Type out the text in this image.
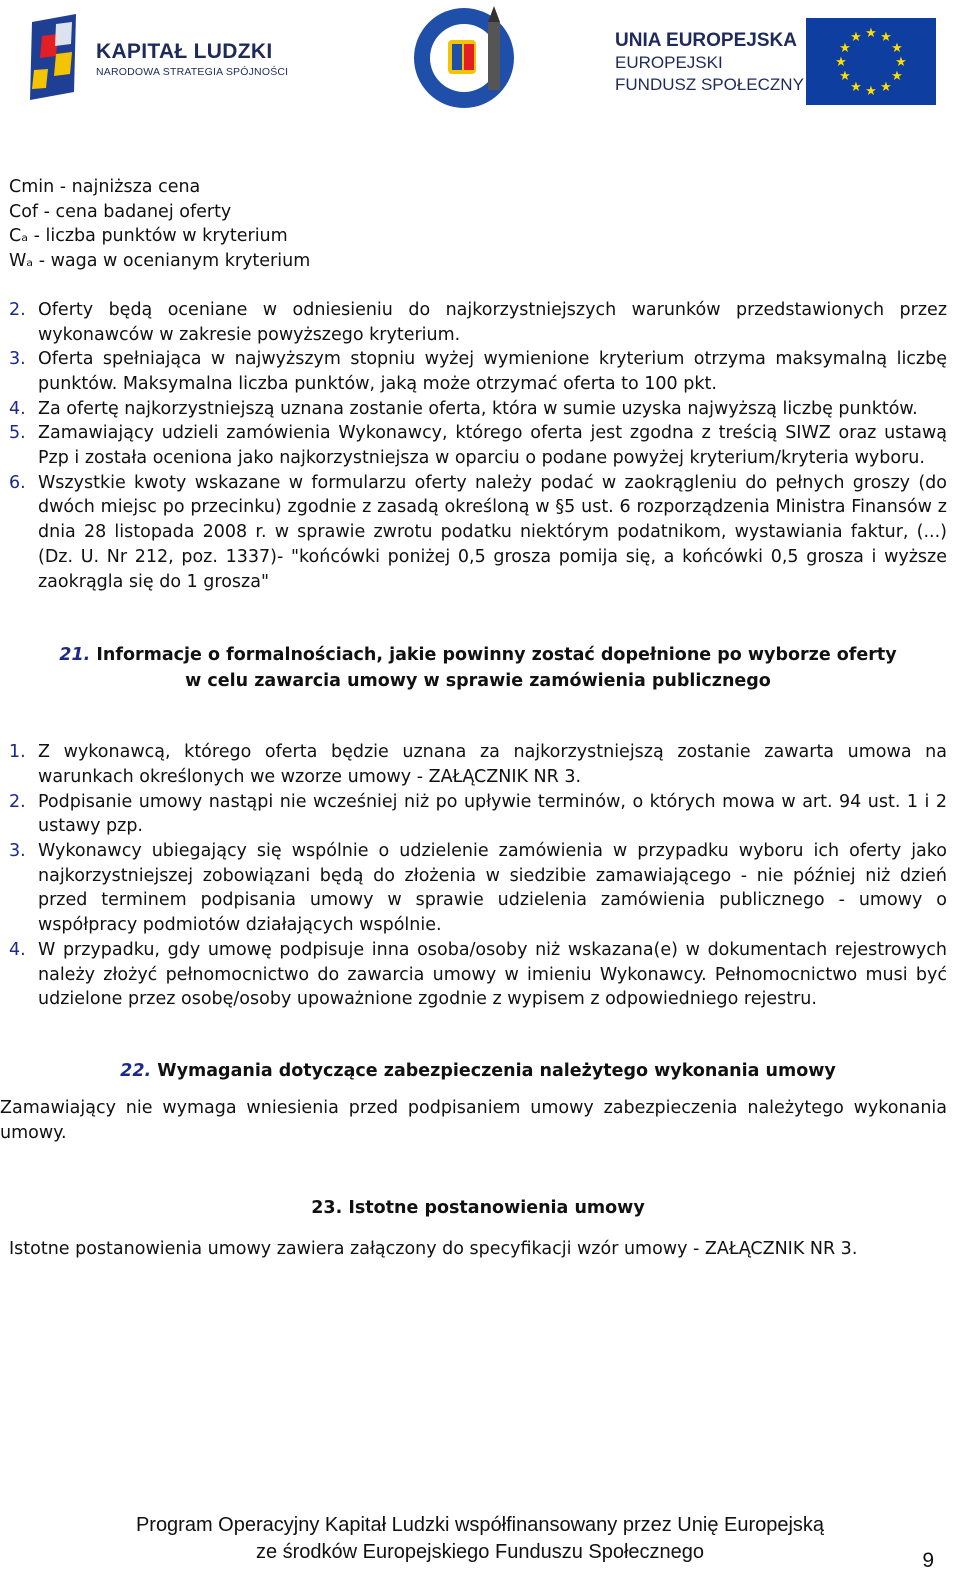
KAPITAŁ LUDZKI
NARODOWA STRATEGIA SPÓJNOŚCI
UNIA EUROPEJSKA
EUROPEJSKI
FUNDUSZ SPOŁECZNY
★ ★
★
★
★
★
★
★
★
★
★
★

Cmin - najniższa cena

Cof - cena badanej oferty

Cₐ - liczba punktów w kryterium

Wₐ - waga w ocenianym kryterium

2. Oferty będą oceniane w odniesieniu do najkorzystniejszych warunków przedstawionych przez wykonawców w zakresie powyższego kryterium.
3. Oferta spełniająca w najwyższym stopniu wyżej wymienione kryterium otrzyma maksymalną liczbę punktów. Maksymalna liczba punktów, jaką może otrzymać oferta to 100 pkt.
4. Za ofertę najkorzystniejszą uznana zostanie oferta, która w sumie uzyska najwyższą liczbę punktów.
5. Zamawiający udzieli zamówienia Wykonawcy, którego oferta jest zgodna z treścią SIWZ oraz ustawą Pzp i została oceniona jako najkorzystniejsza w oparciu o podane powyżej kryterium/kryteria wyboru.
6. Wszystkie kwoty wskazane w formularzu oferty należy podać w zaokrągleniu do pełnych groszy (do dwóch miejsc po przecinku) zgodnie z zasadą określoną w §5 ust. 6 rozporządzenia Ministra Finansów z dnia 28 listopada 2008 r. w sprawie zwrotu podatku niektórym podatnikom, wystawiania faktur, (...) (Dz. U. Nr 212, poz. 1337)- "końcówki poniżej 0,5 grosza pomija się, a końcówki 0,5 grosza i wyższe zaokrągla się do 1 grosza"
21. Informacje o formalnościach, jakie powinny zostać dopełnione po wyborze oferty w celu zawarcia umowy w sprawie zamówienia publicznego
1. Z wykonawcą, którego oferta będzie uznana za najkorzystniejszą zostanie zawarta umowa na warunkach określonych we wzorze umowy - ZAŁĄCZNIK NR 3.
2. Podpisanie umowy nastąpi nie wcześniej niż po upływie terminów, o których mowa w art. 94 ust. 1 i 2 ustawy pzp.
3. Wykonawcy ubiegający się wspólnie o udzielenie zamówienia w przypadku wyboru ich oferty jako najkorzystniejszej zobowiązani będą do złożenia w siedzibie zamawiającego - nie później niż dzień przed terminem podpisania umowy w sprawie udzielenia zamówienia publicznego - umowy o współpracy podmiotów działających wspólnie.
4. W przypadku, gdy umowę podpisuje inna osoba/osoby niż wskazana(e) w dokumentach rejestrowych należy złożyć pełnomocnictwo do zawarcia umowy w imieniu Wykonawcy. Pełnomocnictwo musi być udzielone przez osobę/osoby upoważnione zgodnie z wypisem z odpowiedniego rejestru.
22. Wymagania dotyczące zabezpieczenia należytego wykonania umowy

Zamawiający nie wymaga wniesienia przed podpisaniem umowy zabezpieczenia należytego wykonania umowy.

23. Istotne postanowienia umowy

Istotne postanowienia umowy zawiera załączony do specyfikacji wzór umowy - ZAŁĄCZNIK NR 3.

Program Operacyjny Kapitał Ludzki współfinansowany przez Unię Europejską
ze środków Europejskiego Funduszu Społecznego	9
